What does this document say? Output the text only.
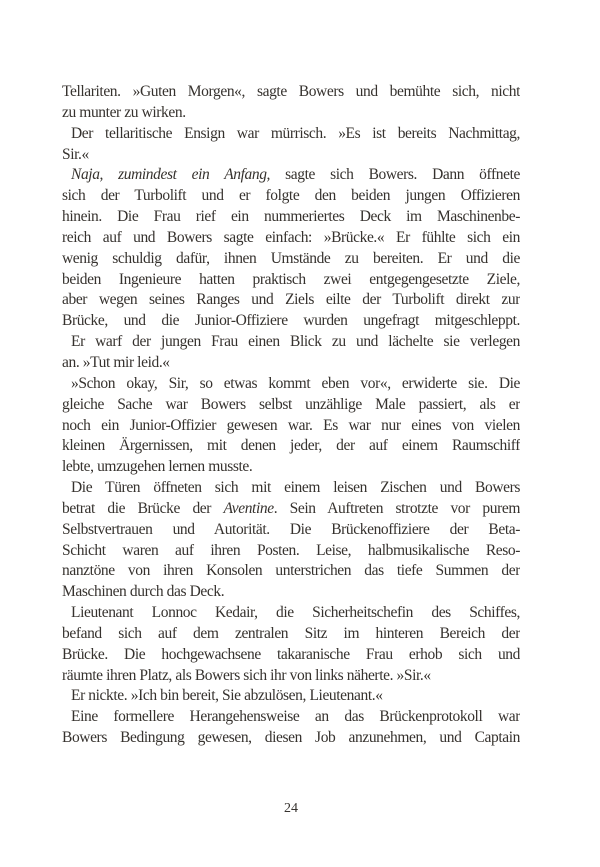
Tellariten. »Guten Morgen«, sagte Bowers und bemühte sich, nicht
zu munter zu wirken.
Der tellaritische Ensign war mürrisch. »Es ist bereits Nachmittag,
Sir.«
Naja, zumindest ein Anfang, sagte sich Bowers. Dann öffnete
sich der Turbolift und er folgte den beiden jungen Offizieren
hinein. Die Frau rief ein nummeriertes Deck im Maschinenbe-
reich auf und Bowers sagte einfach: »Brücke.« Er fühlte sich ein
wenig schuldig dafür, ihnen Umstände zu bereiten. Er und die
beiden Ingenieure hatten praktisch zwei entgegengesetzte Ziele,
aber wegen seines Ranges und Ziels eilte der Turbolift direkt zur
Brücke, und die Junior-Offiziere wurden ungefragt mitgeschleppt.
Er warf der jungen Frau einen Blick zu und lächelte sie verlegen
an. »Tut mir leid.«
»Schon okay, Sir, so etwas kommt eben vor«, erwiderte sie. Die
gleiche Sache war Bowers selbst unzählige Male passiert, als er
noch ein Junior-Offizier gewesen war. Es war nur eines von vielen
kleinen Ärgernissen, mit denen jeder, der auf einem Raumschiff
lebte, umzugehen lernen musste.
Die Türen öffneten sich mit einem leisen Zischen und Bowers
betrat die Brücke der Aventine. Sein Auftreten strotzte vor purem
Selbstvertrauen und Autorität. Die Brückenoffiziere der Beta-
Schicht waren auf ihren Posten. Leise, halbmusikalische Reso-
nanztöne von ihren Konsolen unterstrichen das tiefe Summen der
Maschinen durch das Deck.
Lieutenant Lonnoc Kedair, die Sicherheitschefin des Schiffes,
befand sich auf dem zentralen Sitz im hinteren Bereich der
Brücke. Die hochgewachsene takaranische Frau erhob sich und
räumte ihren Platz, als Bowers sich ihr von links näherte. »Sir.«
Er nickte. »Ich bin bereit, Sie abzulösen, Lieutenant.«
Eine formellere Herangehensweise an das Brückenprotokoll war
Bowers Bedingung gewesen, diesen Job anzunehmen, und Captain
24
